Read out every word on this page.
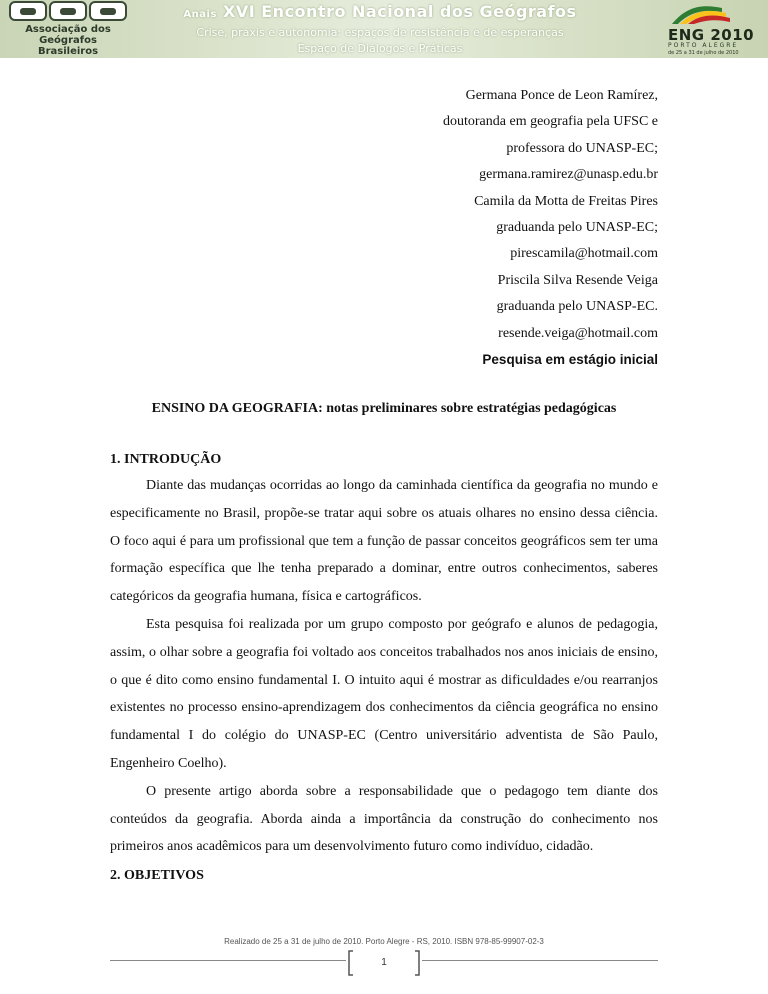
Associação dos
Geógrafos
Brasileiros
Anais XVI Encontro Nacional dos Geógrafos
Crise, práxis e autonomia: espaços de resistência e de esperanças
Espaço de Diálogos e Práticas
ENG 2010
PORTO ALEGRE
de 25 a 31 de julho de 2010
Germana Ponce de Leon Ramírez,
doutoranda em geografia pela UFSC e
professora do UNASP-EC;
germana.ramirez@unasp.edu.br
Camila da Motta de Freitas Pires
graduanda pelo UNASP-EC;
pirescamila@hotmail.com
Priscila Silva Resende Veiga
graduanda pelo UNASP-EC.
resende.veiga@hotmail.com
Pesquisa em estágio inicial
ENSINO DA GEOGRAFIA: notas preliminares sobre estratégias pedagógicas
1. INTRODUÇÃO

Diante das mudanças ocorridas ao longo da caminhada científica da geografia no mundo e especificamente no Brasil, propõe-se tratar aqui sobre os atuais olhares no ensino dessa ciência. O foco aqui é para um profissional que tem a função de passar conceitos geográficos sem ter uma formação específica que lhe tenha preparado a dominar, entre outros conhecimentos, saberes categóricos da geografia humana, física e cartográficos.

Esta pesquisa foi realizada por um grupo composto por geógrafo e alunos de pedagogia, assim, o olhar sobre a geografia foi voltado aos conceitos trabalhados nos anos iniciais de ensino, o que é dito como ensino fundamental I. O intuito aqui é mostrar as dificuldades e/ou rearranjos existentes no processo ensino-aprendizagem dos conhecimentos da ciência geográfica no ensino fundamental I do colégio do UNASP-EC (Centro universitário adventista de São Paulo, Engenheiro Coelho).

O presente artigo aborda sobre a responsabilidade que o pedagogo tem diante dos conteúdos da geografia. Aborda ainda a importância da construção do conhecimento nos primeiros anos acadêmicos para um desenvolvimento futuro como indivíduo, cidadão.

2. OBJETIVOS
Realizado de 25 a 31 de julho de 2010. Porto Alegre - RS, 2010. ISBN 978-85-99907-02-3
1
